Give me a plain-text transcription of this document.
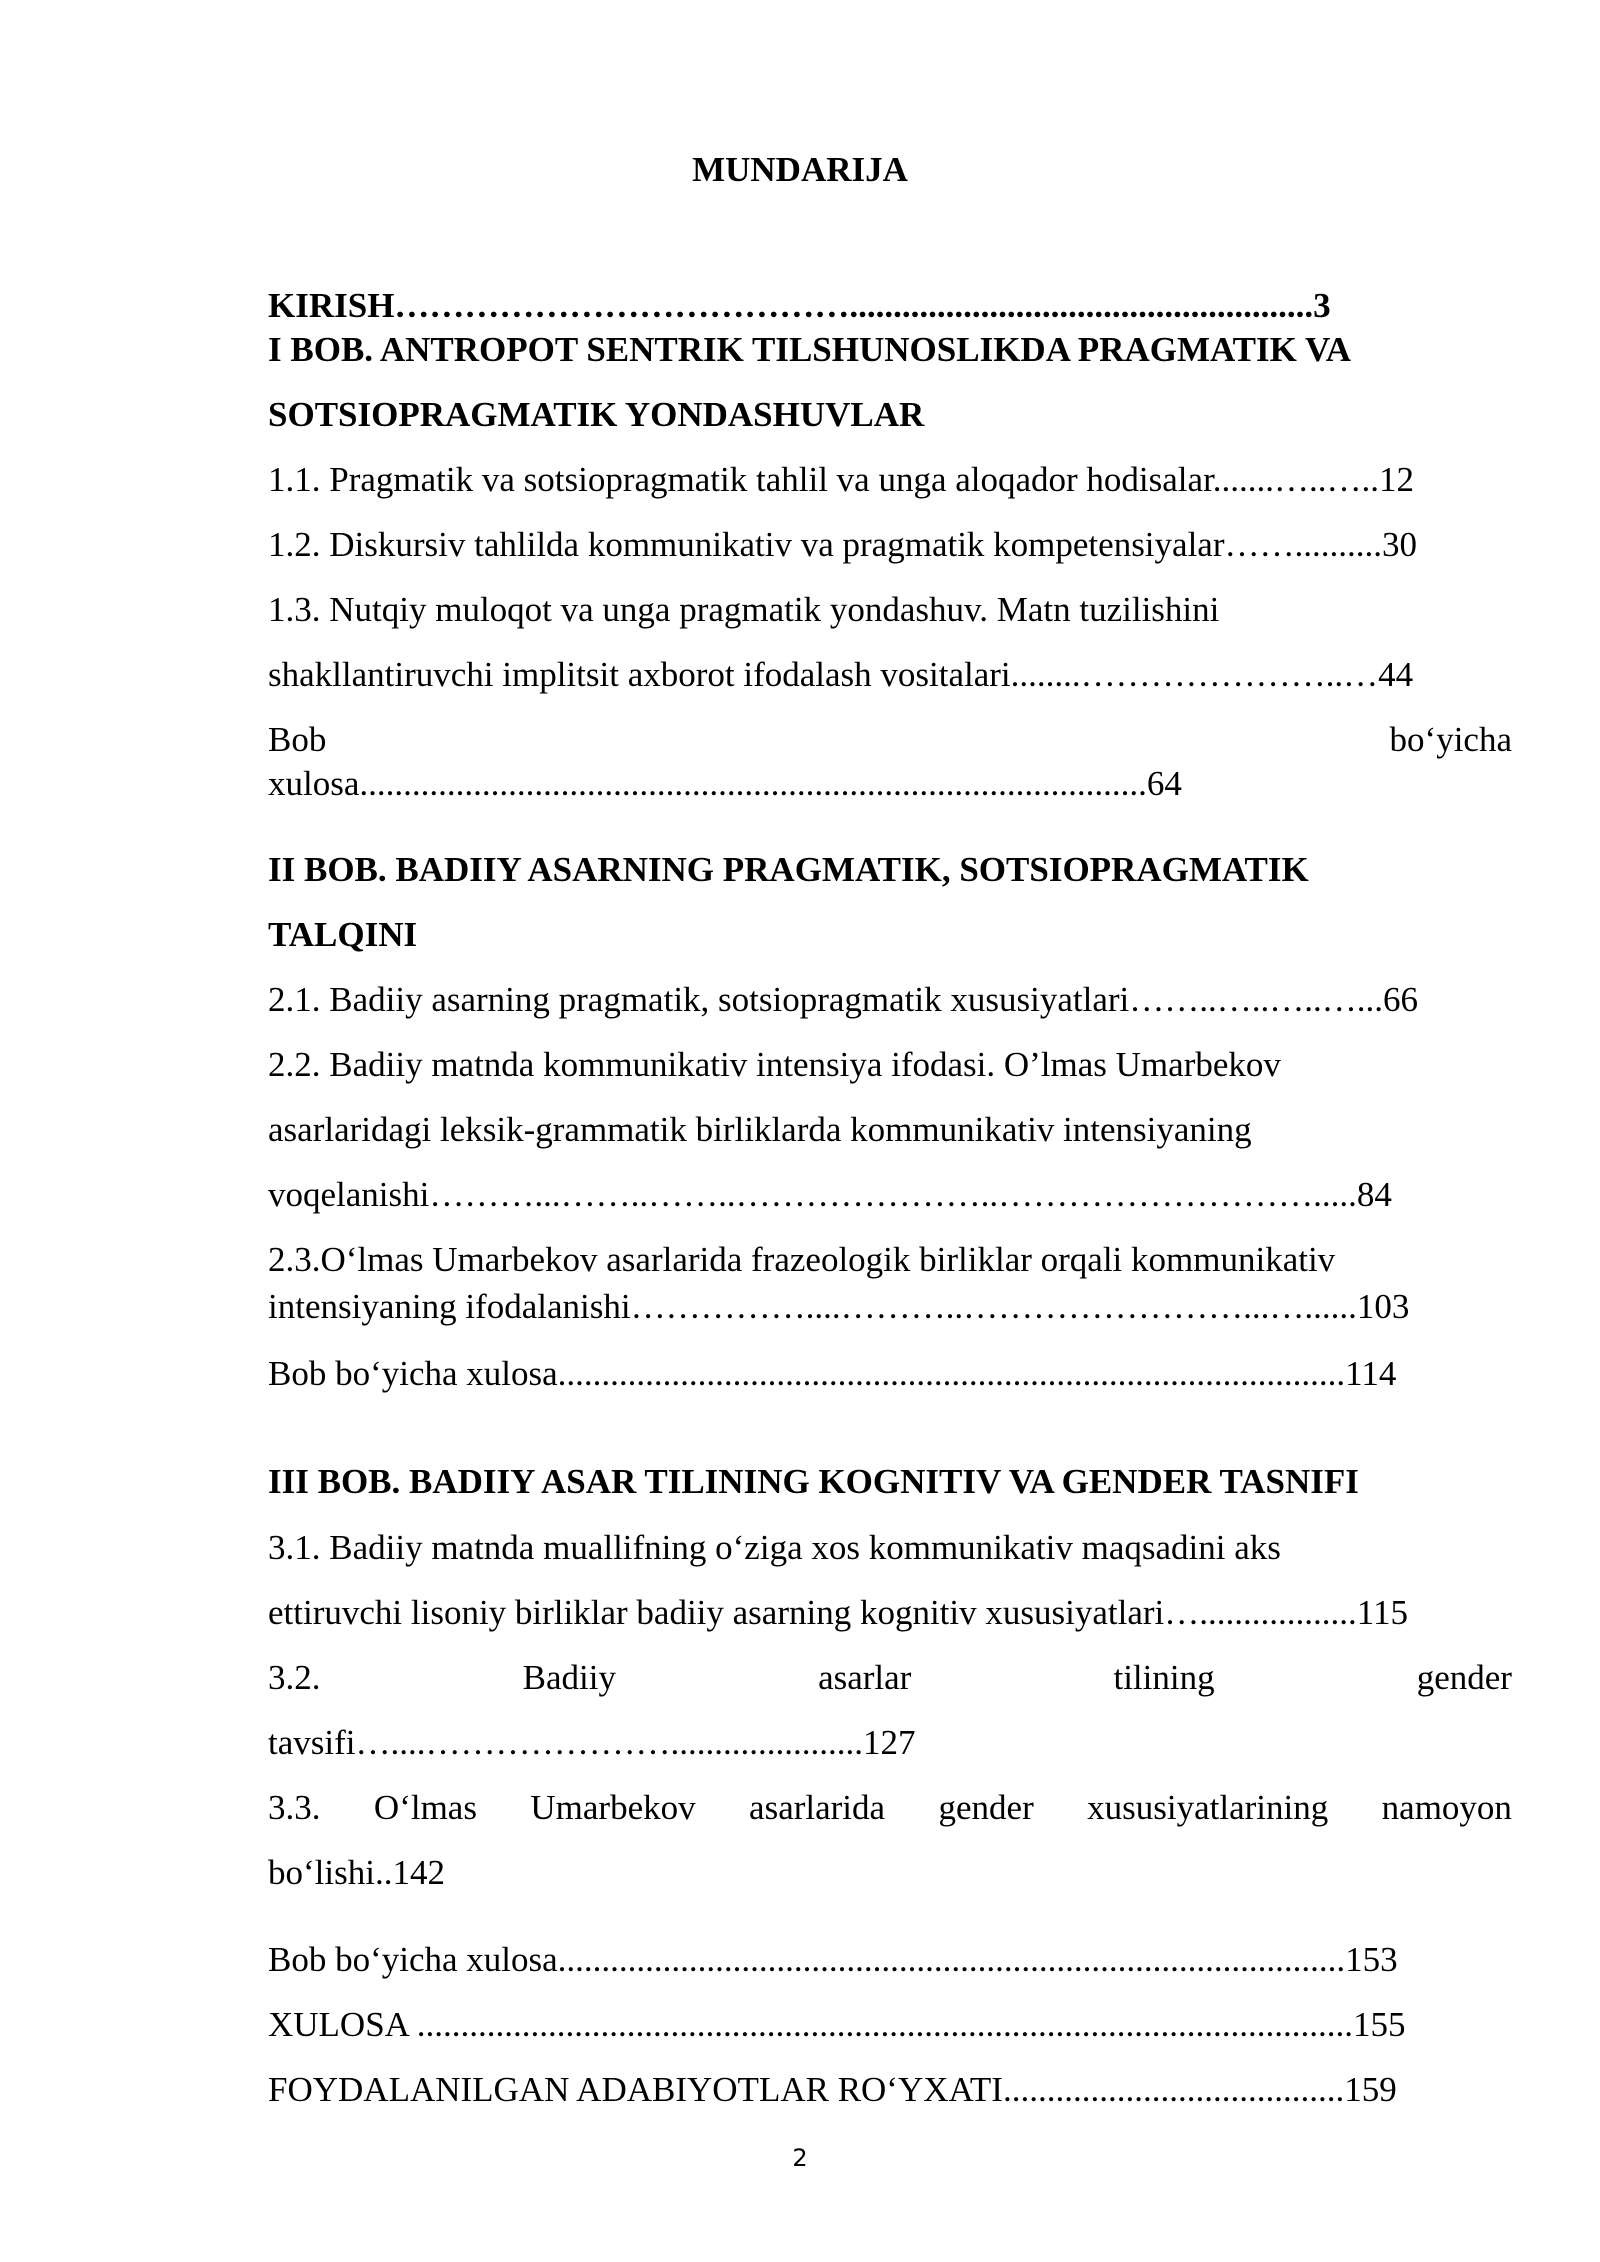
MUNDARIJA
KIRISH………………………………….....................................................3
I BOB. ANTROPOT SENTRIK TILSHUNOSLIKDA PRAGMATIK VA
SOTSIOPRAGMATIK YONDASHUVLAR
1.1. Pragmatik va sotsiopragmatik tahlil va unga aloqador hodisalar.......…..…..12
1.2. Diskursiv tahlilda kommunikativ va pragmatik kompetensiyalar……..........30
1.3. Nutqiy muloqot va unga pragmatik yondashuv. Matn tuzilishini
shakllantiruvchi implitsit axborot ifodalash vositalari........…………………..…44
Bob	bo‘yicha
xulosa..........................................................................................64
II BOB. BADIIY ASARNING PRAGMATIK, SOTSIOPRAGMATIK
TALQINI
2.1. Badiiy asarning pragmatik, sotsiopragmatik xususiyatlari……..…..…..…...66
2.2. Badiiy matnda kommunikativ intensiya ifodasi. O’lmas Umarbekov
asarlaridagi leksik-grammatik birliklarda kommunikativ intensiyaning
voqelanishi………...……..……..…………………..……………………….....84
2.3.O‘lmas Umarbekov asarlarida frazeologik birliklar orqali kommunikativ
intensiyaning ifodalanishi……………....………..……………………...…......103
Bob bo‘yicha xulosa..........................................................................................114
III BOB. BADIIY ASAR TILINING KOGNITIV VA GENDER TASNIFI
3.1. Badiiy matnda muallifning o‘ziga xos kommunikativ maqsadini aks
ettiruvchi lisoniy birliklar badiiy asarning kognitiv xususiyatlari…..................115
3.2.	Badiiy	asarlar	tilining	gender
tavsifi…....…………………......................127
3.3. O‘lmas Umarbekov asarlarida gender xususiyatlarining namoyon
bo‘lishi..142
Bob bo‘yicha xulosa..........................................................................................153
XULOSA ...........................................................................................................155
FOYDALANILGAN ADABIYOTLAR RO‘YXATI.......................................159
2
